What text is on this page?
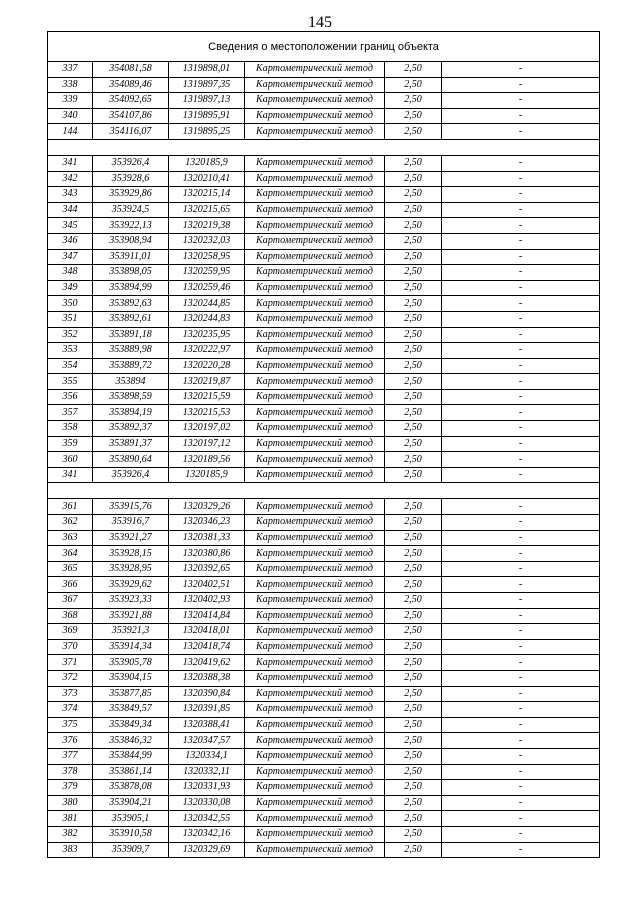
145
Сведения о местоположении границ объекта					
337	354081,58	1319898,01	Картометрический метод	2,50	-
338	354089,46	1319897,35	Картометрический метод	2,50	-
339	354092,65	1319897,13	Картометрический метод	2,50	-
340	354107,86	1319895,91	Картометрический метод	2,50	-
144	354116,07	1319895,25	Картометрический метод	2,50	-

341	353926,4	1320185,9	Картометрический метод	2,50	-
342	353928,6	1320210,41	Картометрический метод	2,50	-
343	353929,86	1320215,14	Картометрический метод	2,50	-
344	353924,5	1320215,65	Картометрический метод	2,50	-
345	353922,13	1320219,38	Картометрический метод	2,50	-
346	353908,94	1320232,03	Картометрический метод	2,50	-
347	353911,01	1320258,95	Картометрический метод	2,50	-
348	353898,05	1320259,95	Картометрический метод	2,50	-
349	353894,99	1320259,46	Картометрический метод	2,50	-
350	353892,63	1320244,85	Картометрический метод	2,50	-
351	353892,61	1320244,83	Картометрический метод	2,50	-
352	353891,18	1320235,95	Картометрический метод	2,50	-
353	353889,98	1320222,97	Картометрический метод	2,50	-
354	353889,72	1320220,28	Картометрический метод	2,50	-
355	353894	1320219,87	Картометрический метод	2,50	-
356	353898,59	1320215,59	Картометрический метод	2,50	-
357	353894,19	1320215,53	Картометрический метод	2,50	-
358	353892,37	1320197,02	Картометрический метод	2,50	-
359	353891,37	1320197,12	Картометрический метод	2,50	-
360	353890,64	1320189,56	Картометрический метод	2,50	-
341	353926,4	1320185,9	Картометрический метод	2,50	-

361	353915,76	1320329,26	Картометрический метод	2,50	-
362	353916,7	1320346,23	Картометрический метод	2,50	-
363	353921,27	1320381,33	Картометрический метод	2,50	-
364	353928,15	1320380,86	Картометрический метод	2,50	-
365	353928,95	1320392,65	Картометрический метод	2,50	-
366	353929,62	1320402,51	Картометрический метод	2,50	-
367	353923,33	1320402,93	Картометрический метод	2,50	-
368	353921,88	1320414,84	Картометрический метод	2,50	-
369	353921,3	1320418,01	Картометрический метод	2,50	-
370	353914,34	1320418,74	Картометрический метод	2,50	-
371	353905,78	1320419,62	Картометрический метод	2,50	-
372	353904,15	1320388,38	Картометрический метод	2,50	-
373	353877,85	1320390,84	Картометрический метод	2,50	-
374	353849,57	1320391,85	Картометрический метод	2,50	-
375	353849,34	1320388,41	Картометрический метод	2,50	-
376	353846,32	1320347,57	Картометрический метод	2,50	-
377	353844,99	1320334,1	Картометрический метод	2,50	-
378	353861,14	1320332,11	Картометрический метод	2,50	-
379	353878,08	1320331,93	Картометрический метод	2,50	-
380	353904,21	1320330,08	Картометрический метод	2,50	-
381	353905,1	1320342,55	Картометрический метод	2,50	-
382	353910,58	1320342,16	Картометрический метод	2,50	-
383	353909,7	1320329,69	Картометрический метод	2,50	-
